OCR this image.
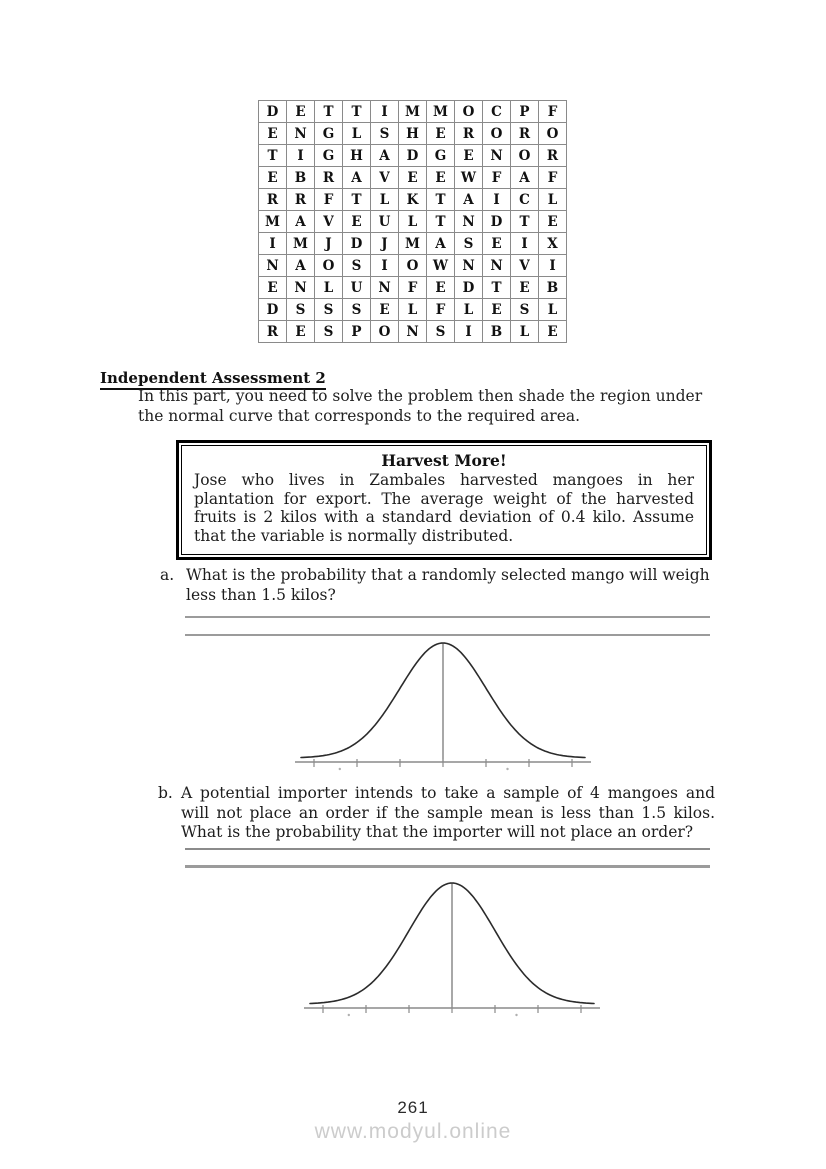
D	E	T	T	I	M	M	O	C	P	F
E	N	G	L	S	H	E	R	O	R	O
T	I	G	H	A	D	G	E	N	O	R
E	B	R	A	V	E	E	W	F	A	F
R	R	F	T	L	K	T	A	I	C	L
M	A	V	E	U	L	T	N	D	T	E
I	M	J	D	J	M	A	S	E	I	X
N	A	O	S	I	O	W	N	N	V	I
E	N	L	U	N	F	E	D	T	E	B
D	S	S	S	E	L	F	L	E	S	L
R	E	S	P	O	N	S	I	B	L	E
Independent Assessment 2
In this part, you need to solve the problem then shade the region under the normal curve that corresponds to the required area.
Harvest More!
Jose who lives in Zambales harvested mangoes in her plantation for export. The average weight of the harvested fruits is 2 kilos with a standard deviation of 0.4 kilo. Assume that the variable is normally distributed.
a. What is the probability that a randomly selected mango will weigh less than 1.5 kilos?
b. A potential importer intends to take a sample of 4 mangoes and will not place an order if the sample mean is less than 1.5 kilos. What is the probability that the importer will not place an order?
261
www.modyul.online
